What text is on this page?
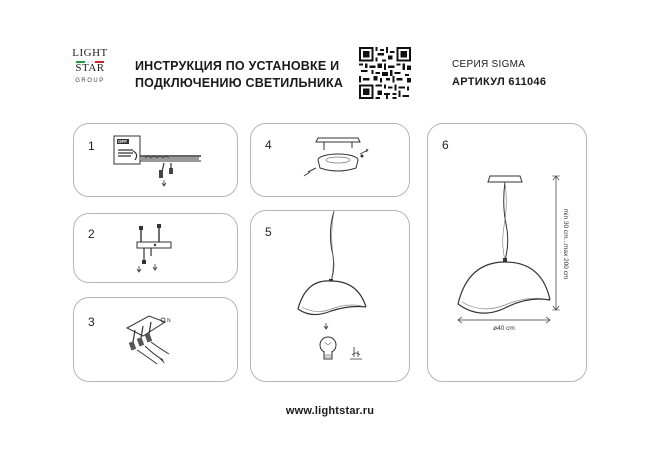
LIGHT
STAR
GROUP
ИНСТРУКЦИЯ ПО УСТАНОВКЕ И
ПОДКЛЮЧЕНИЮ СВЕТИЛЬНИКА
СЕРИЯ SIGMA
АРТИКУЛ 611046
1	OFF
2
3	N
4
5
6
min 30 cm...max 200 cm
ø40 cm
www.lightstar.ru
